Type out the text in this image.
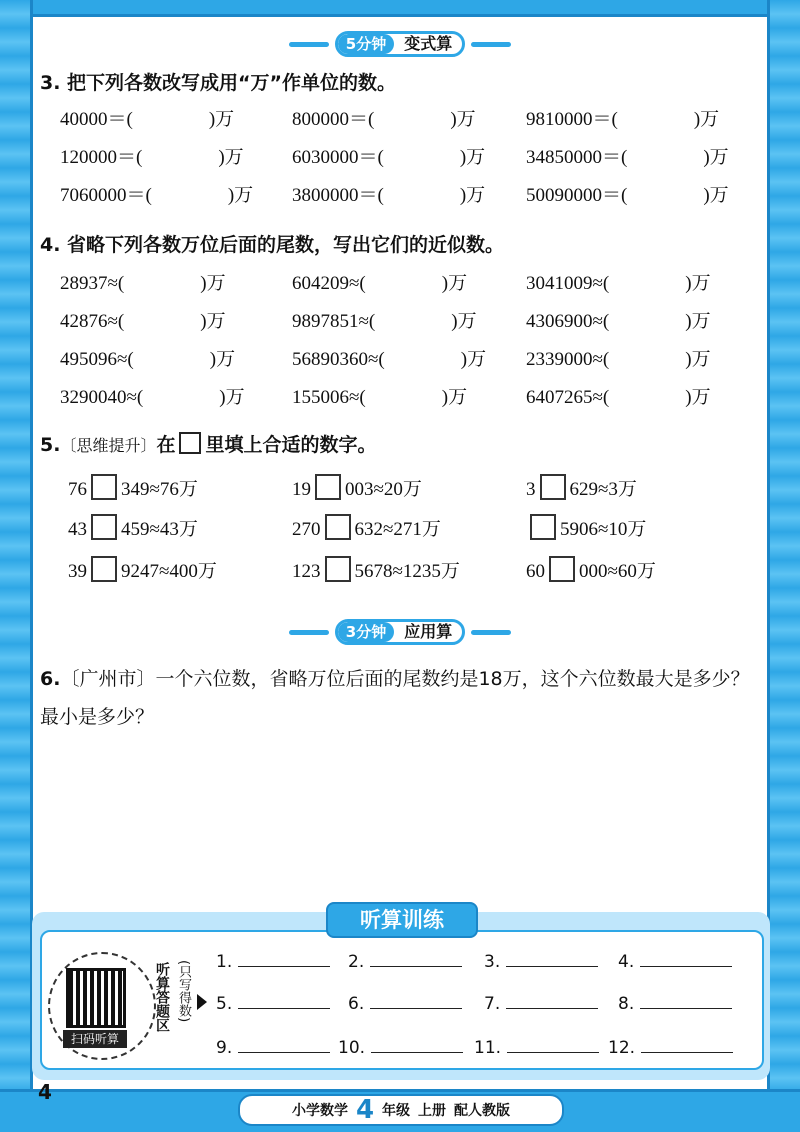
5分钟	变式算
3. 把下列各数改写成用“万”作单位的数。
40000＝(　　　　)万	800000＝(　　　　)万	9810000＝(　　　　)万
120000＝(　　　　)万	6030000＝(　　　　)万 34850000＝(　　　　)万
7060000＝(　　　　)万 3800000＝(　　　　)万 50090000＝(　　　　)万
4. 省略下列各数万位后面的尾数，写出它们的近似数。
28937≈(　　　　)万	604209≈(　　　　)万	3041009≈(　　　　)万
42876≈(　　　　)万	9897851≈(　　　　)万	4306900≈(　　　　)万
495096≈(　　　　)万	56890360≈(　　　　)万 2339000≈(　　　　)万
3290040≈(　　　　)万 155006≈(　　　　)万	6407265≈(　　　　)万
5.〔思维提升〕在 里填上合适的数字。
76 349≈76万	19 003≈20万	3 629≈3万
43 459≈43万	270 632≈271万	5906≈10万
39 9247≈400万	123 5678≈1235万	60 000≈60万
3分钟	应用算
6.〔广州市〕一个六位数，省略万位后面的尾数约是18万，这个六位数最大是多少？最小是多少？
听算训练
扫码听算
听算答题区 (只写得数) 1.	2.	3.	4.
5.	6.	7.	8.
9.	10.	11.	12.
4
小学数学 4 年级 上册 配人教版
